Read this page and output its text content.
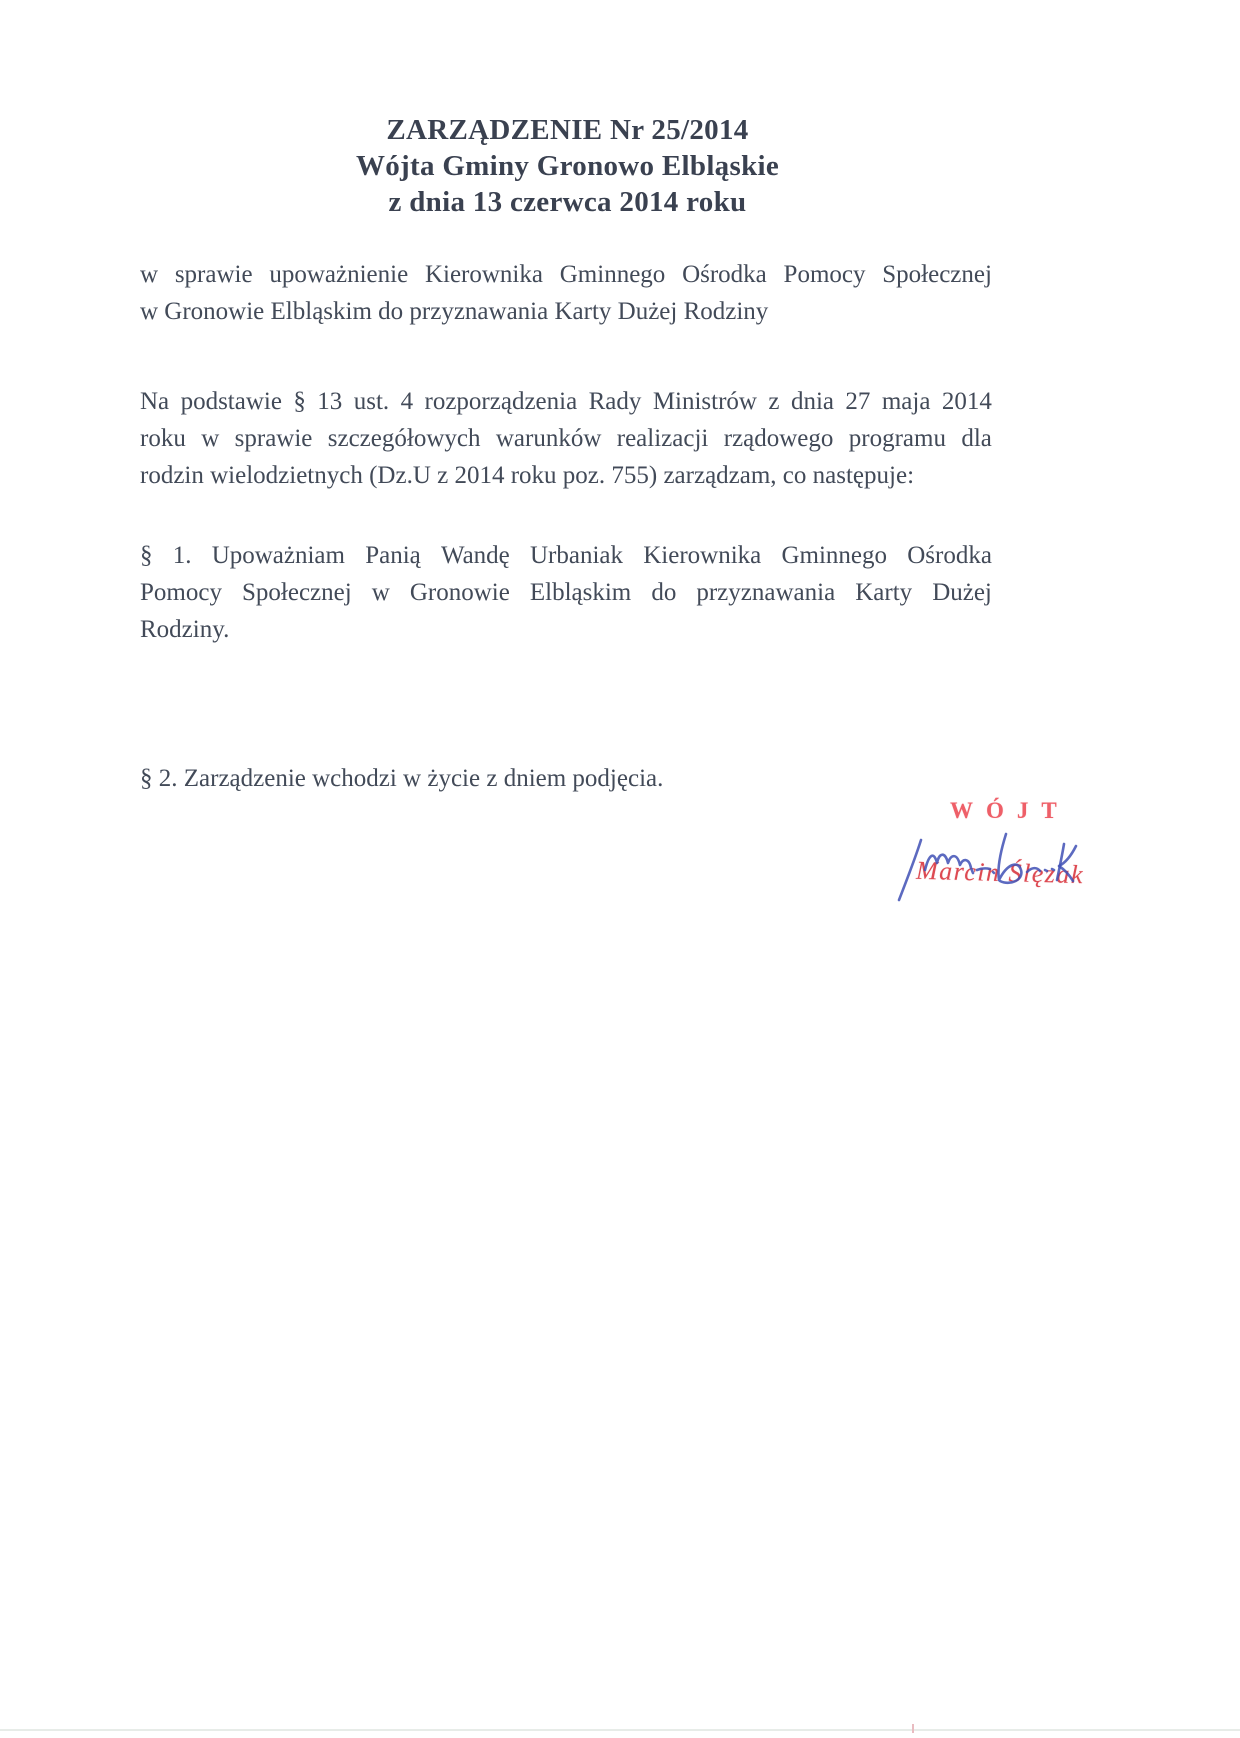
ZARZĄDZENIE Nr 25/2014
Wójta Gminy Gronowo Elbląskie
z dnia 13 czerwca 2014 roku
w sprawie upoważnienie Kierownika Gminnego Ośrodka Pomocy Społecznej
w Gronowie Elbląskim do przyznawania Karty Dużej Rodziny
Na podstawie § 13 ust. 4 rozporządzenia Rady Ministrów z dnia 27 maja 2014
roku w sprawie szczegółowych warunków realizacji rządowego programu dla
rodzin wielodzietnych (Dz.U z 2014 roku poz. 755) zarządzam, co następuje:
§ 1. Upoważniam Panią Wandę Urbaniak Kierownika Gminnego Ośrodka
Pomocy Społecznej w Gronowie Elbląskim do przyznawania Karty Dużej
Rodziny.
§ 2. Zarządzenie wchodzi w życie z dniem podjęcia.
WÓJT
Marcin Ślęzak
